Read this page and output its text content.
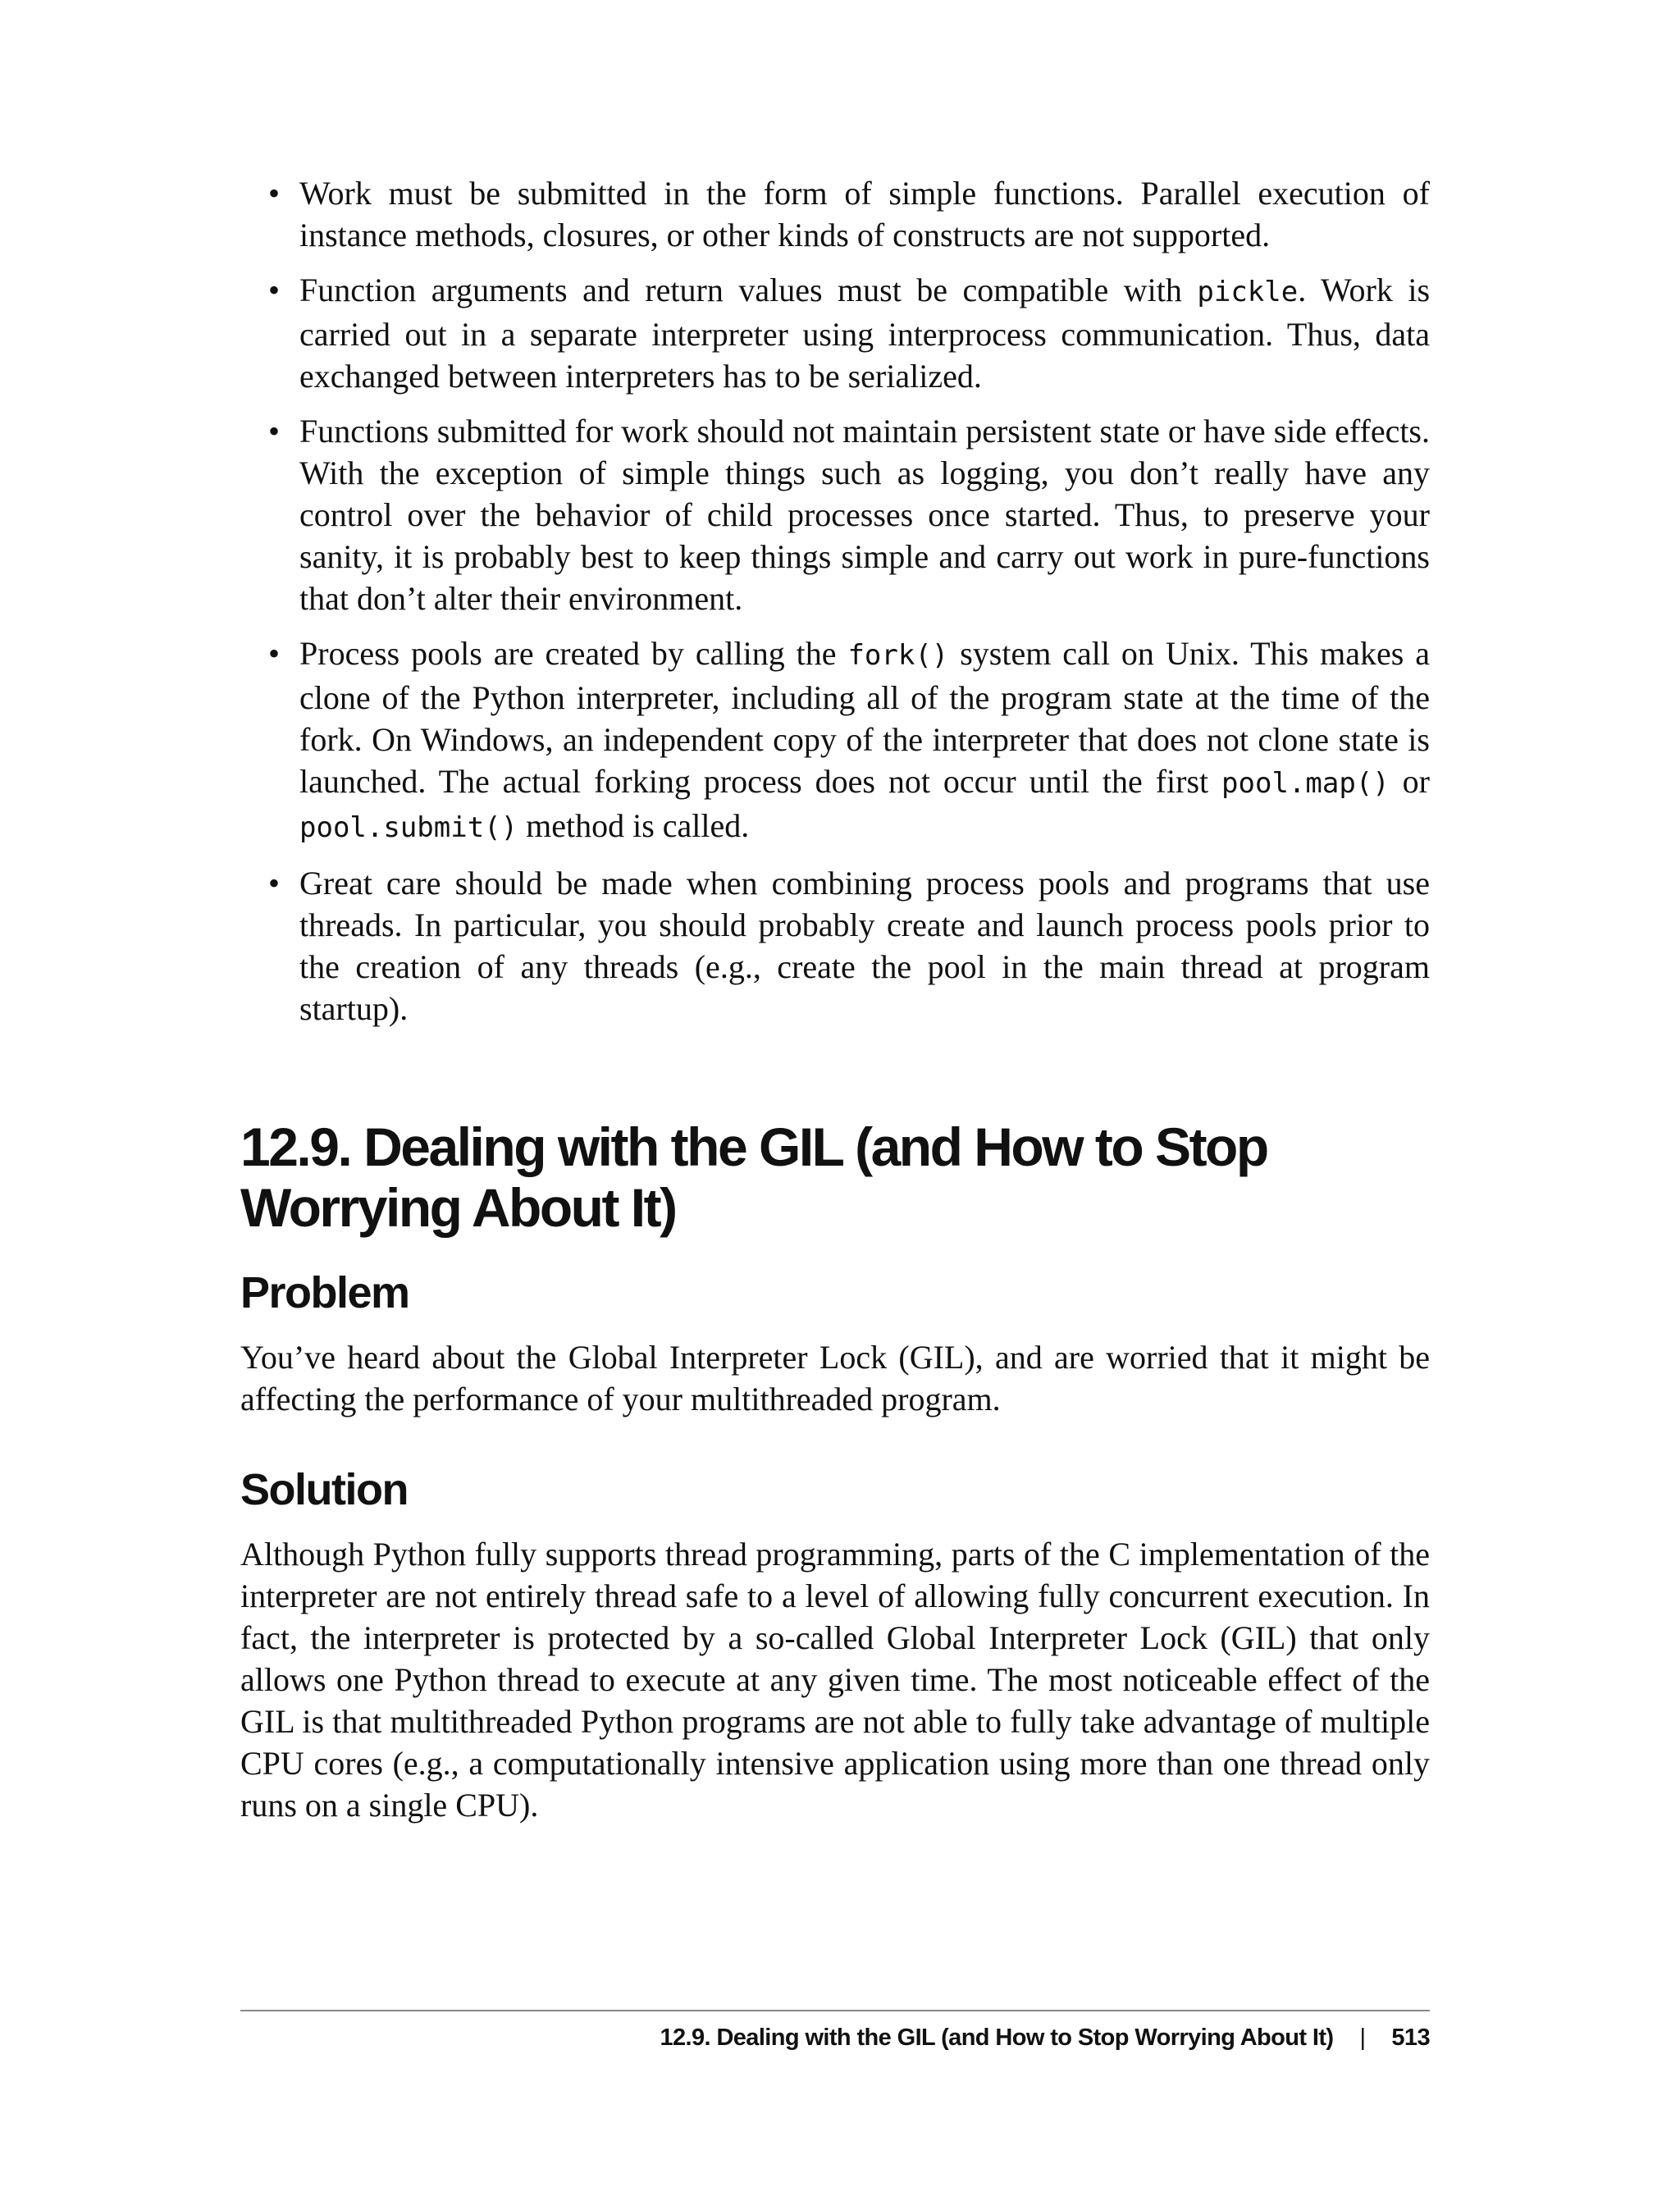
• Work must be submitted in the form of simple functions. Parallel execution of instance methods, closures, or other kinds of constructs are not supported.
• Function arguments and return values must be compatible with pickle. Work is carried out in a separate interpreter using interprocess communication. Thus, data exchanged between interpreters has to be serialized.
• Functions submitted for work should not maintain persistent state or have side effects. With the exception of simple things such as logging, you don’t really have any control over the behavior of child processes once started. Thus, to preserve your sanity, it is probably best to keep things simple and carry out work in pure-functions that don’t alter their environment.
• Process pools are created by calling the fork() system call on Unix. This makes a clone of the Python interpreter, including all of the program state at the time of the fork. On Windows, an independent copy of the interpreter that does not clone state is launched. The actual forking process does not occur until the first pool.map() or pool.submit() method is called.
• Great care should be made when combining process pools and programs that use threads. In particular, you should probably create and launch process pools prior to the creation of any threads (e.g., create the pool in the main thread at program startup).
12.9. Dealing with the GIL (and How to Stop Worrying About It)
Problem

You’ve heard about the Global Interpreter Lock (GIL), and are worried that it might be affecting the performance of your multithreaded program.

Solution

Although Python fully supports thread programming, parts of the C implementation of the interpreter are not entirely thread safe to a level of allowing fully concurrent execution. In fact, the interpreter is protected by a so-called Global Interpreter Lock (GIL) that only allows one Python thread to execute at any given time. The most noticeable effect of the GIL is that multithreaded Python programs are not able to fully take advantage of multiple CPU cores (e.g., a computationally intensive application using more than one thread only runs on a single CPU).

12.9. Dealing with the GIL (and How to Stop Worrying About It) | 513
